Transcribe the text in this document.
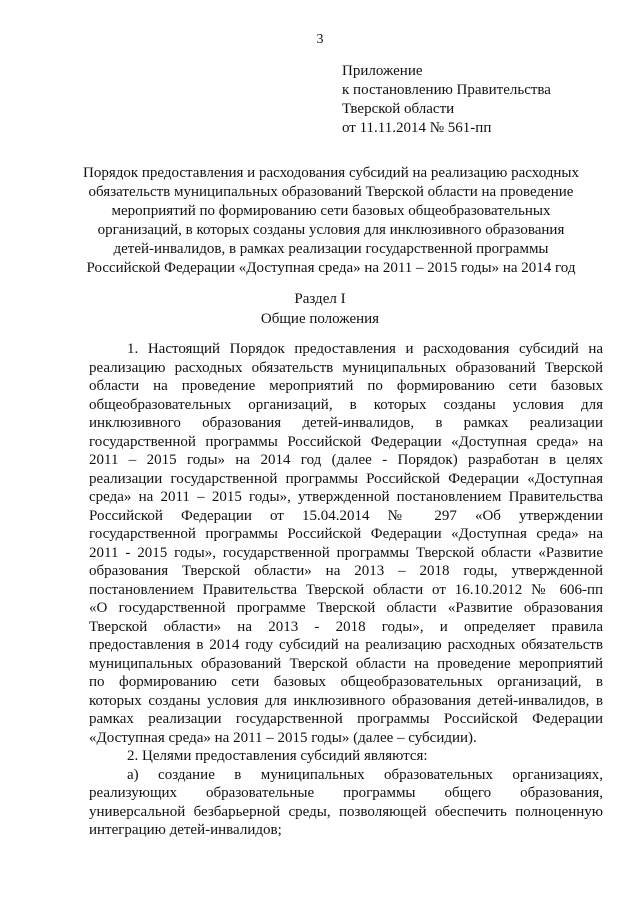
3
Приложение
к постановлению Правительства
Тверской области
от 11.11.2014 № 561-пп
Порядок предоставления и расходования субсидий на реализацию расходных
обязательств муниципальных образований Тверской области на проведение
мероприятий по формированию сети базовых общеобразовательных
организаций, в которых созданы условия для инклюзивного образования
детей-инвалидов, в рамках реализации государственной программы
Российской Федерации «Доступная среда» на 2011 – 2015 годы» на 2014 год
Раздел I
Общие положения
1. Настоящий Порядок предоставления и расходования субсидий на
реализацию расходных обязательств муниципальных образований Тверской
области на проведение мероприятий по формированию сети базовых
общеобразовательных организаций, в которых созданы условия для
инклюзивного образования детей-инвалидов, в рамках реализации
государственной программы Российской Федерации «Доступная среда» на
2011 – 2015 годы» на 2014 год (далее - Порядок) разработан в целях
реализации государственной программы Российской Федерации «Доступная
среда» на 2011 – 2015 годы», утвержденной постановлением Правительства
Российской Федерации от 15.04.2014 № 297 «Об утверждении
государственной программы Российской Федерации «Доступная среда» на
2011 - 2015 годы», государственной программы Тверской области «Развитие
образования Тверской области» на 2013 – 2018 годы, утвержденной
постановлением Правительства Тверской области от 16.10.2012 № 606-пп
«О государственной программе Тверской области «Развитие образования
Тверской области» на 2013 - 2018 годы», и определяет правила
предоставления в 2014 году субсидий на реализацию расходных обязательств
муниципальных образований Тверской области на проведение мероприятий
по формированию сети базовых общеобразовательных организаций, в
которых созданы условия для инклюзивного образования детей-инвалидов, в
рамках реализации государственной программы Российской Федерации
«Доступная среда» на 2011 – 2015 годы» (далее – субсидии).
2. Целями предоставления субсидий являются:
а) создание в муниципальных образовательных организациях,
реализующих образовательные программы общего образования,
универсальной безбарьерной среды, позволяющей обеспечить полноценную
интеграцию детей-инвалидов;
